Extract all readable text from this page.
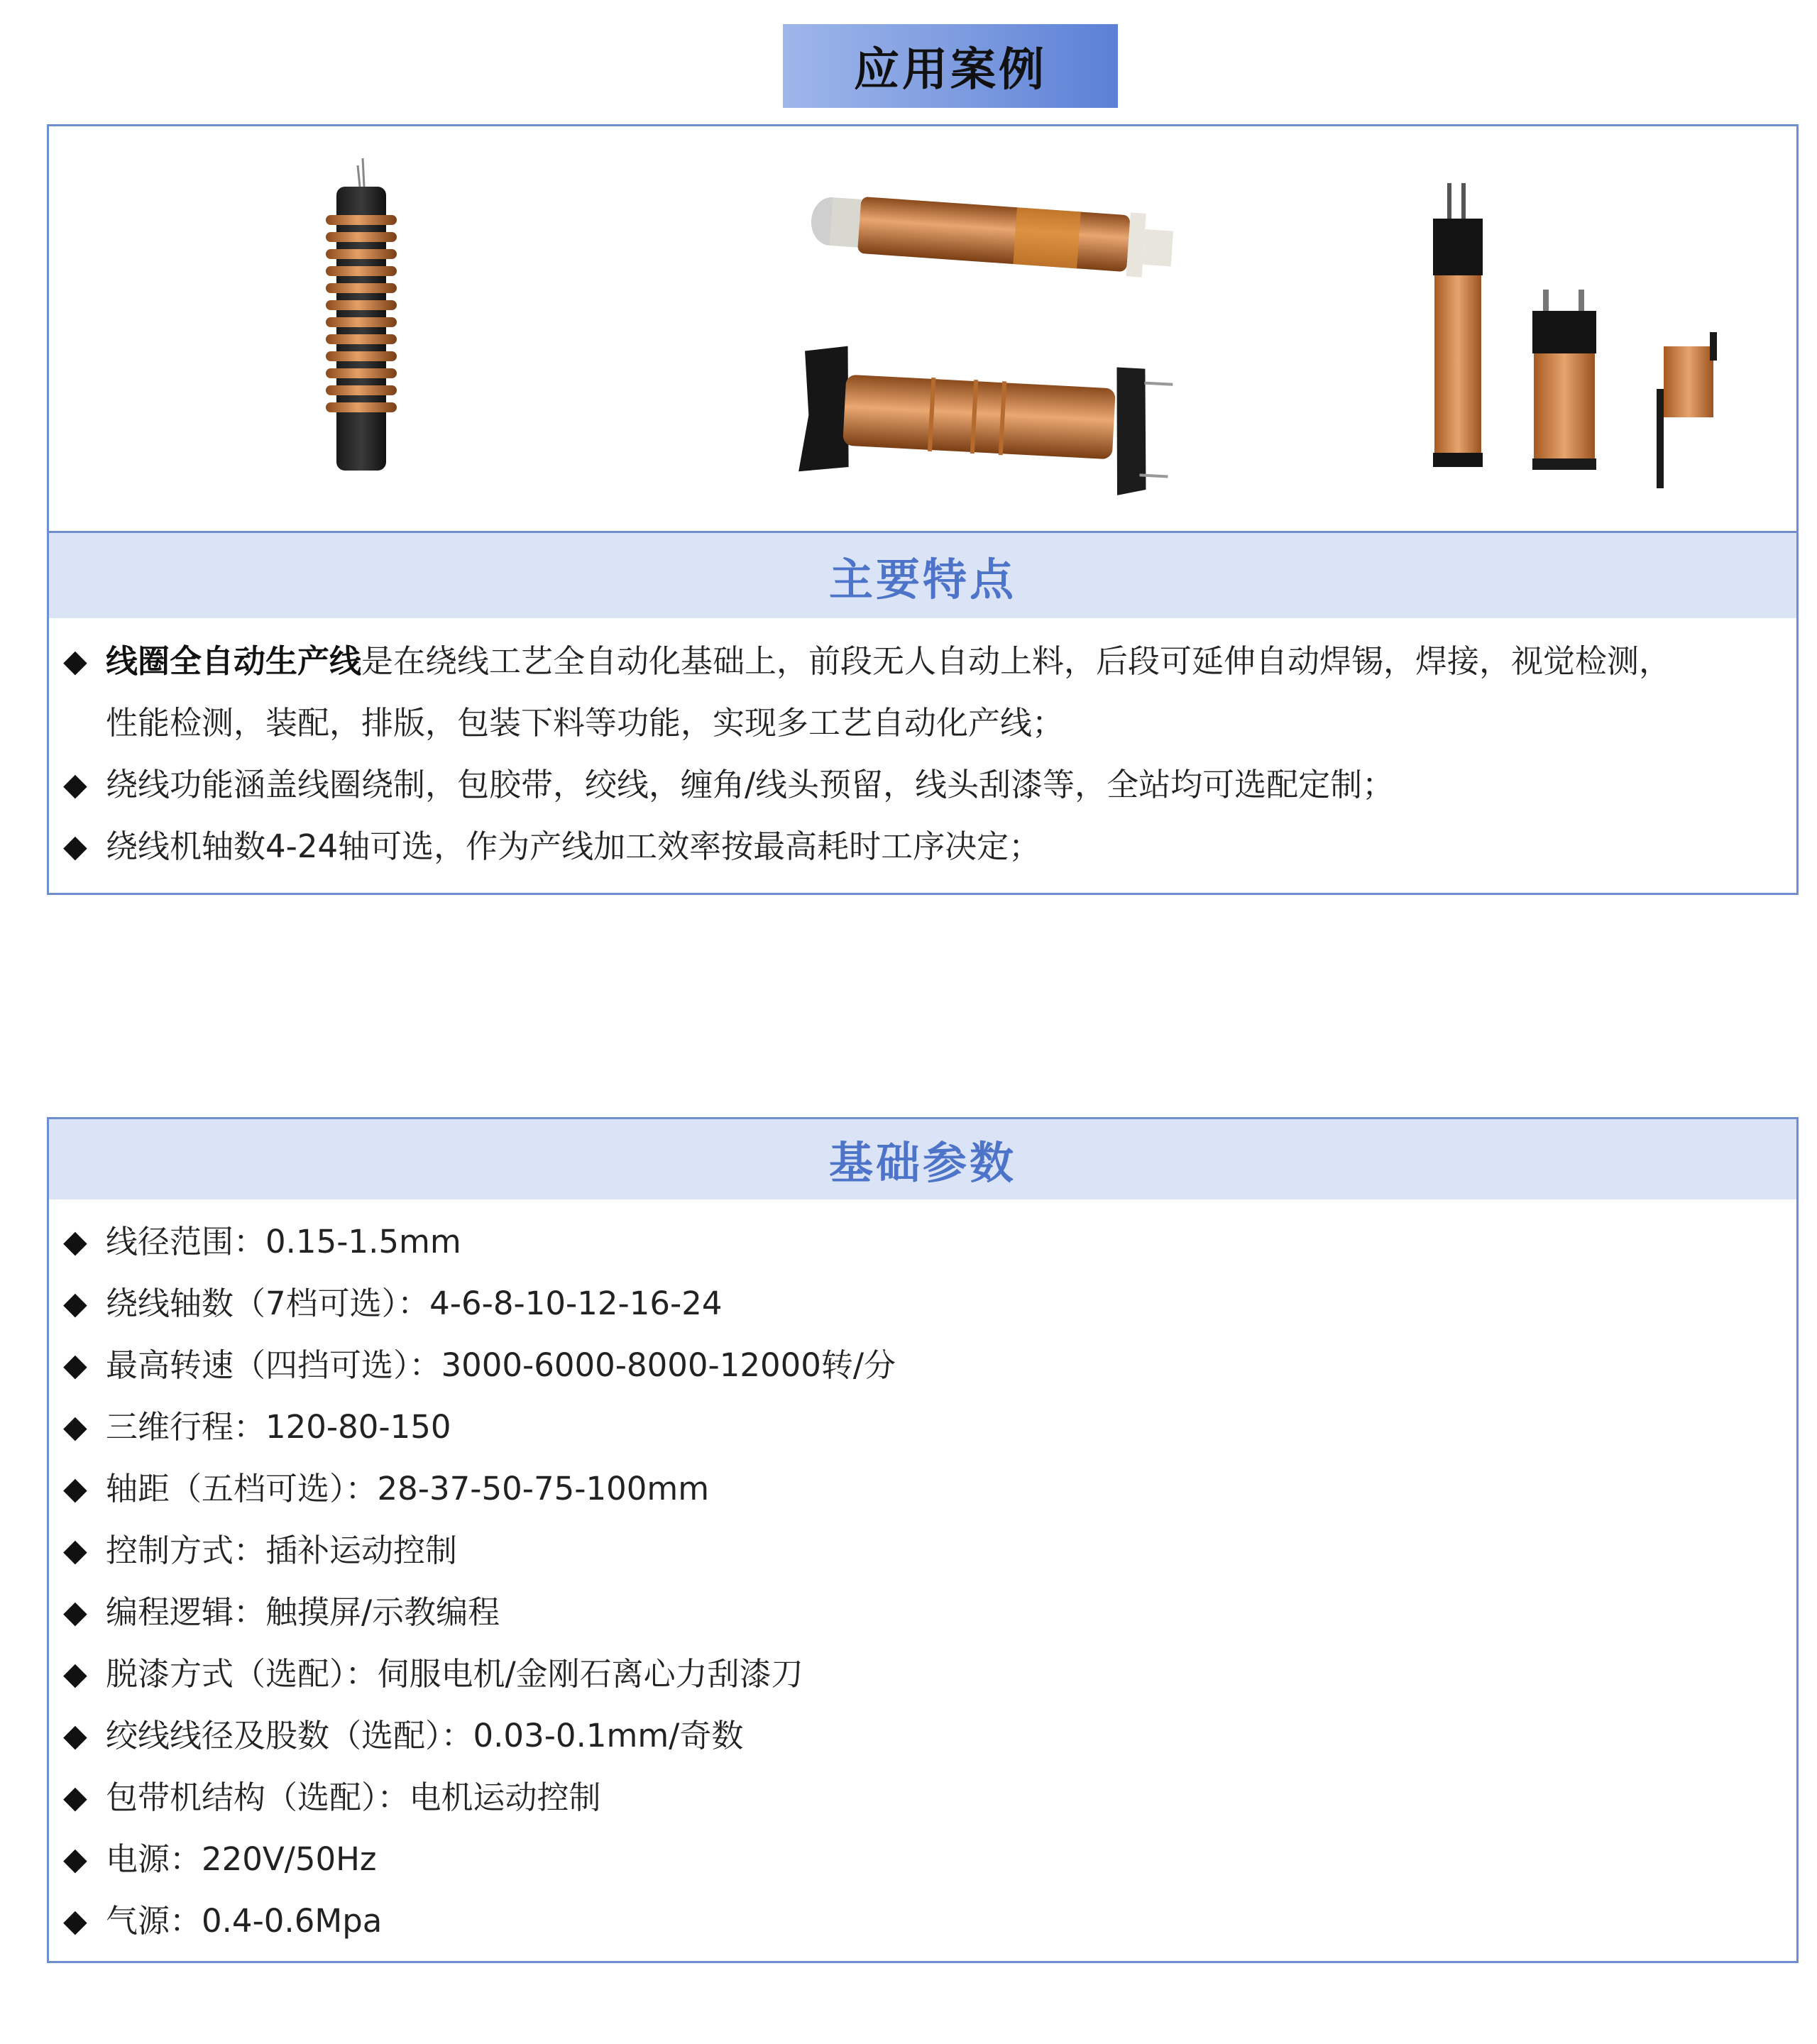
应用案例
主要特点
◆ 线圈全自动生产线是在绕线工艺全自动化基础上，前段无人自动上料，后段可延伸自动焊锡，焊接，视觉检测，
性能检测，装配，排版，包装下料等功能，实现多工艺自动化产线；
◆ 绕线功能涵盖线圈绕制，包胶带，绞线，缠角/线头预留，线头刮漆等，全站均可选配定制；
◆ 绕线机轴数4-24轴可选，作为产线加工效率按最高耗时工序决定；
基础参数
◆ 线径范围：0.15-1.5mm
◆ 绕线轴数（7档可选）：4-6-8-10-12-16-24
◆ 最高转速（四挡可选）：3000-6000-8000-12000转/分
◆ 三维行程：120-80-150
◆ 轴距（五档可选）：28-37-50-75-100mm
◆ 控制方式：插补运动控制
◆ 编程逻辑：触摸屏/示教编程
◆ 脱漆方式（选配）：伺服电机/金刚石离心力刮漆刀
◆ 绞线线径及股数（选配）：0.03-0.1mm/奇数
◆ 包带机结构（选配）：电机运动控制
◆ 电源：220V/50Hz
◆ 气源：0.4-0.6Mpa
